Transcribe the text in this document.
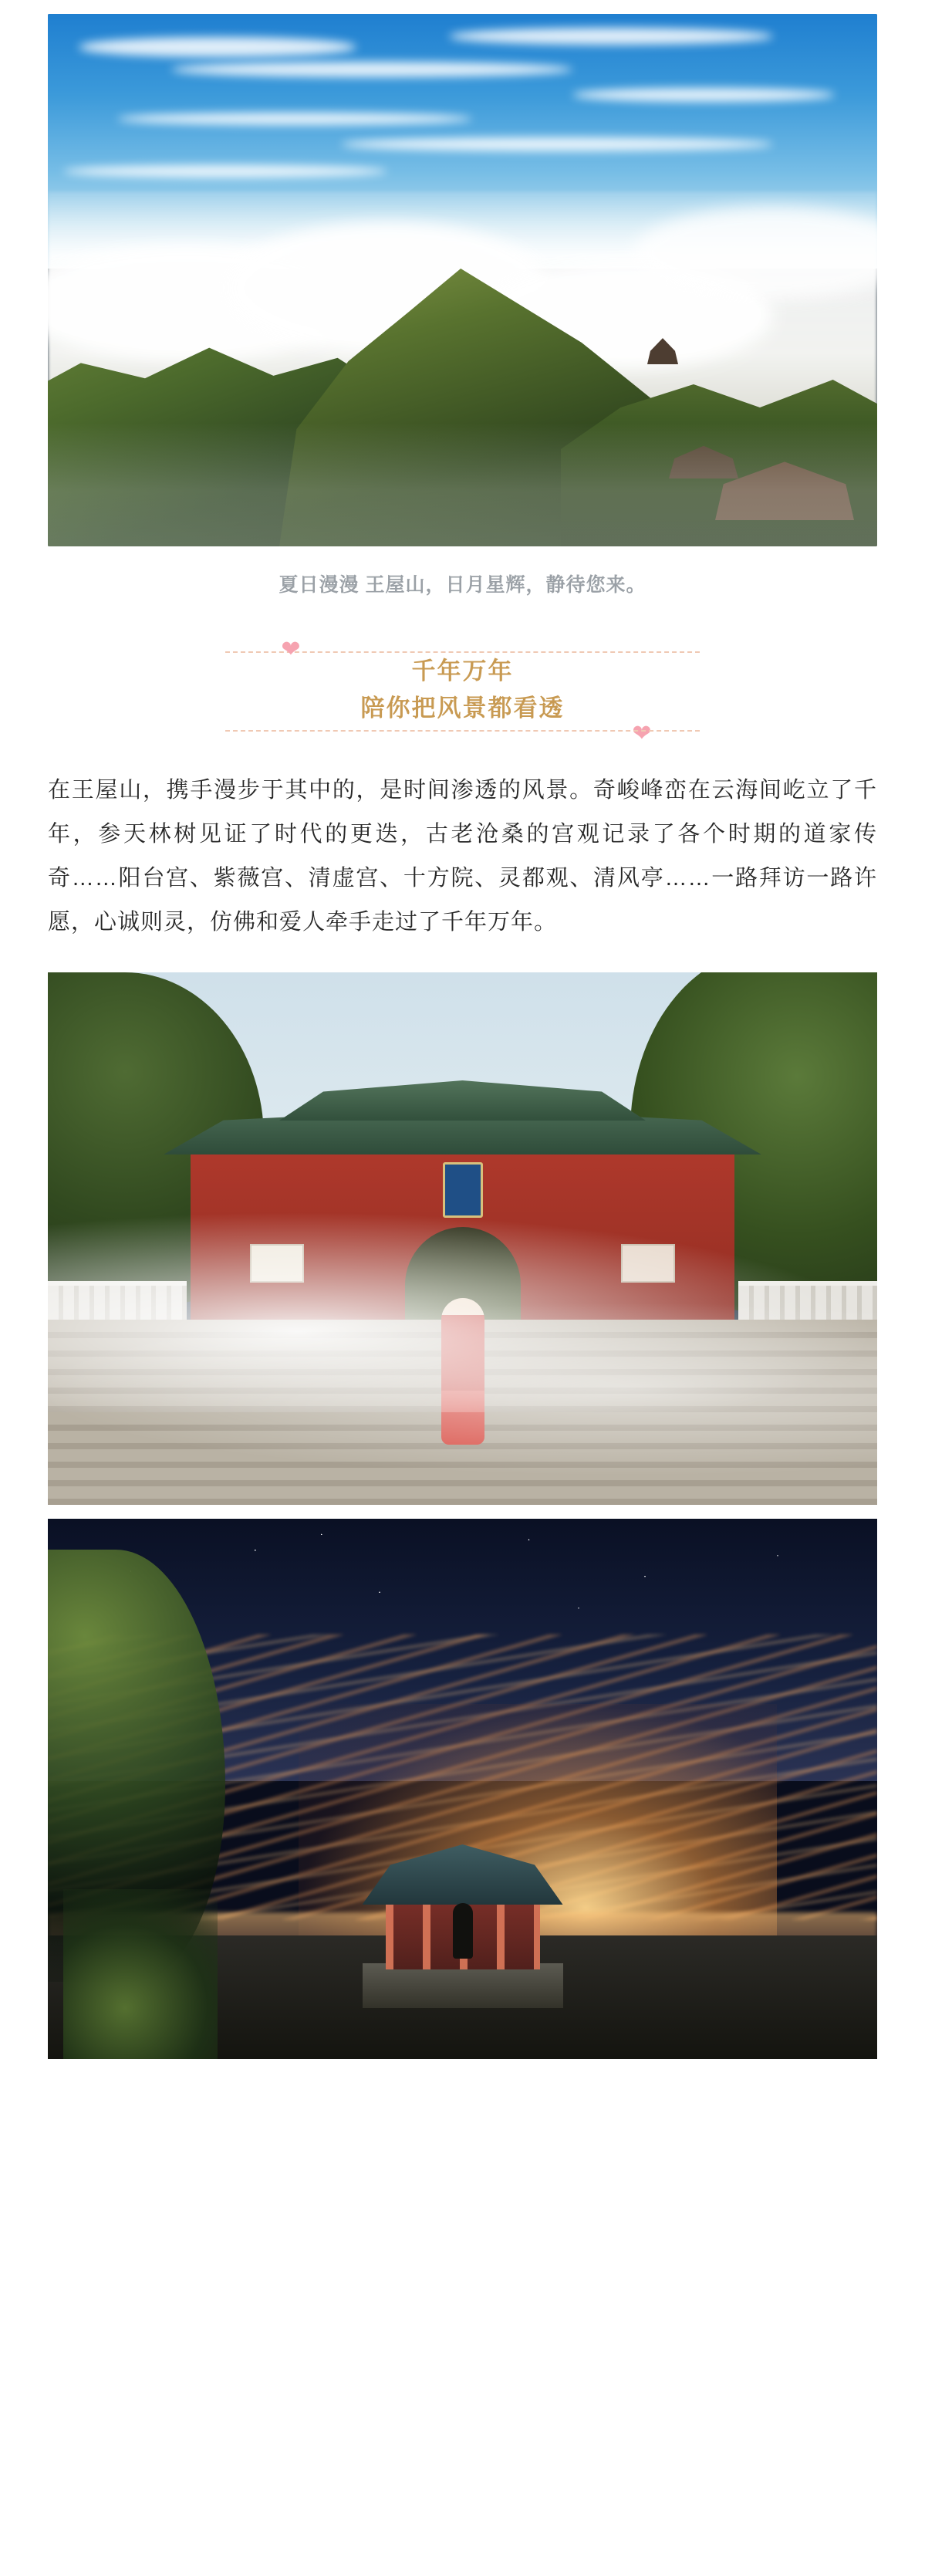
夏日漫漫 王屋山，日月星辉，静待您来。
❤
千年万年
陪你把风景都看透
❤
在王屋山，携手漫步于其中的，是时间渗透的风景。奇峻峰峦在云海间屹立了千年，参天林树见证了时代的更迭，古老沧桑的宫观记录了各个时期的道家传奇……阳台宫、紫薇宫、清虚宫、十方院、灵都观、清风亭……一路拜访一路许愿，心诚则灵，仿佛和爱人牵手走过了千年万年。
